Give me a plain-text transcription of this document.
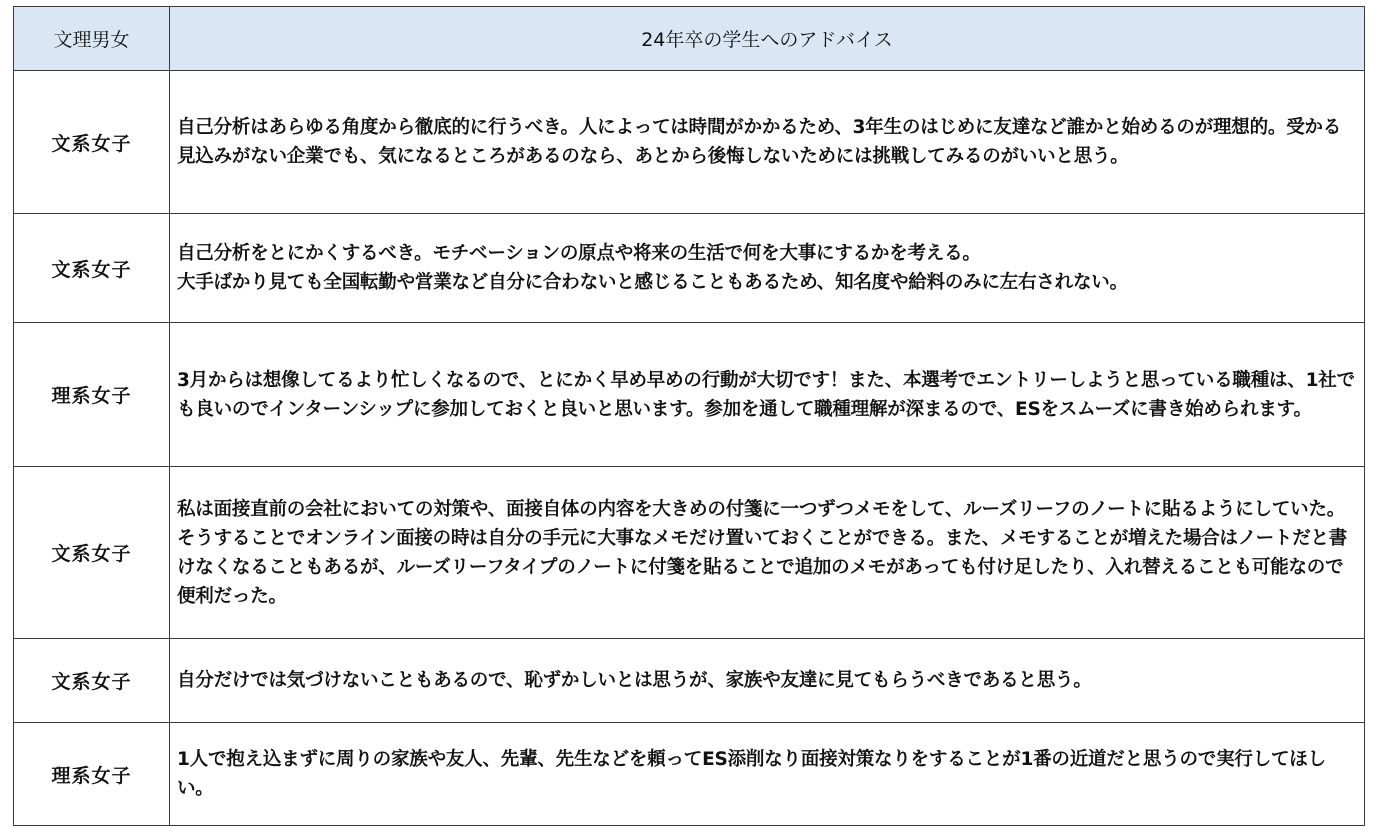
文理男女	24年卒の学生へのアドバイス
文系女子	自己分析はあらゆる角度から徹底的に行うべき。人によっては時間がかかるため、3年生のはじめに友達など誰かと始めるのが理想的。受かる見込みがない企業でも、気になるところがあるのなら、あとから後悔しないためには挑戦してみるのがいいと思う。

文系女子	自己分析をとにかくするべき。モチベーションの原点や将来の生活で何を大事にするかを考える。
大手ばかり見ても全国転勤や営業など自分に合わないと感じることもあるため、知名度や給料のみに左右されない。

理系女子	3月からは想像してるより忙しくなるので、とにかく早め早めの行動が大切です！また、本選考でエントリーしようと思っている職種は、1社でも良いのでインターンシップに参加しておくと良いと思います。参加を通して職種理解が深まるので、ESをスムーズに書き始められます。

文系女子	私は面接直前の会社においての対策や、面接自体の内容を大きめの付箋に一つずつメモをして、ルーズリーフのノートに貼るようにしていた。そうすることでオンライン面接の時は自分の手元に大事なメモだけ置いておくことができる。また、メモすることが増えた場合はノートだと書けなくなることもあるが、ルーズリーフタイプのノートに付箋を貼ることで追加のメモがあっても付け足したり、入れ替えることも可能なので便利だった。

文系女子	自分だけでは気づけないこともあるので、恥ずかしいとは思うが、家族や友達に見てもらうべきであると思う。

理系女子	1人で抱え込まずに周りの家族や友人、先輩、先生などを頼ってES添削なり面接対策なりをすることが1番の近道だと思うので実行してほしい。
